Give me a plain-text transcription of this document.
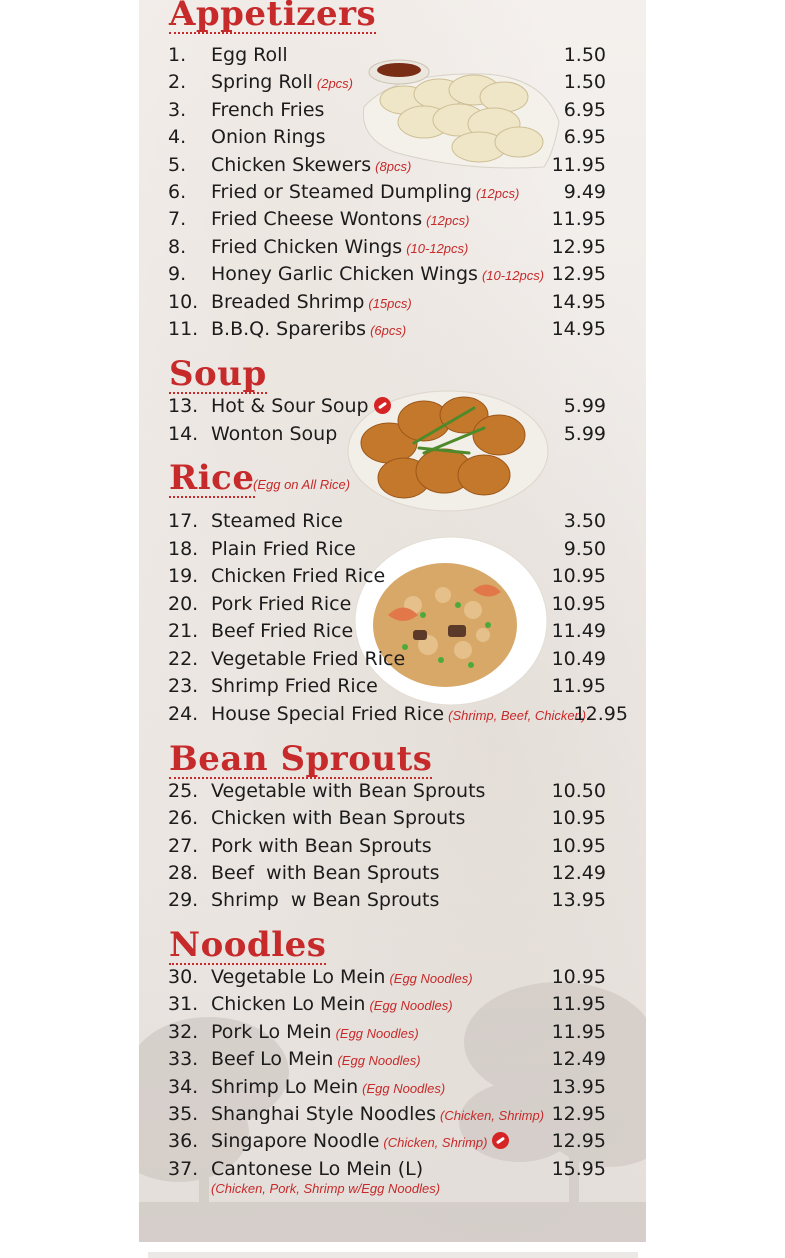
Appetizers
1. Egg Roll	1.50
2. Spring Roll (2pcs)	1.50
3. French Fries	6.95
4. Onion Rings	6.95
5. Chicken Skewers (8pcs)	11.95
6. Fried or Steamed Dumpling (12pcs) 9.49
7. Fried Cheese Wontons (12pcs)	11.95
8. Fried Chicken Wings (10-12pcs)	12.95
9. Honey Garlic Chicken Wings (10-12pcs) 12.95
10. Breaded Shrimp (15pcs)	14.95
11. B.B.Q. Spareribs (6pcs)	14.95
Soup
13. Hot & Sour Soup	5.99
14. Wonton Soup	5.99
Rice
(Egg on All Rice)
17. Steamed Rice	3.50
18. Plain Fried Rice	9.50
19. Chicken Fried Rice	10.95
20. Pork Fried Rice	10.95
21. Beef Fried Rice	11.49
22. Vegetable Fried Rice	10.49
23. Shrimp Fried Rice	11.95
24. House Special Fried Rice (Shrimp, Beef, Chicken)
12.95
Bean Sprouts
25. Vegetable with Bean Sprouts	10.50
26. Chicken with Bean Sprouts	10.95
27. Pork with Bean Sprouts	10.95
28. Beef  with Bean Sprouts	12.49
29. Shrimp  w Bean Sprouts	13.95
Noodles
30. Vegetable Lo Mein (Egg Noodles)	10.95
31. Chicken Lo Mein (Egg Noodles)	11.95
32. Pork Lo Mein (Egg Noodles)	11.95
33. Beef Lo Mein (Egg Noodles)	12.49
34. Shrimp Lo Mein (Egg Noodles)	13.95
35. Shanghai Style Noodles (Chicken, Shrimp) 12.95
36. Singapore Noodle (Chicken, Shrimp)	12.95
37. Cantonese Lo Mein (L)	15.95
(Chicken, Pork, Shrimp w/Egg Noodles)
